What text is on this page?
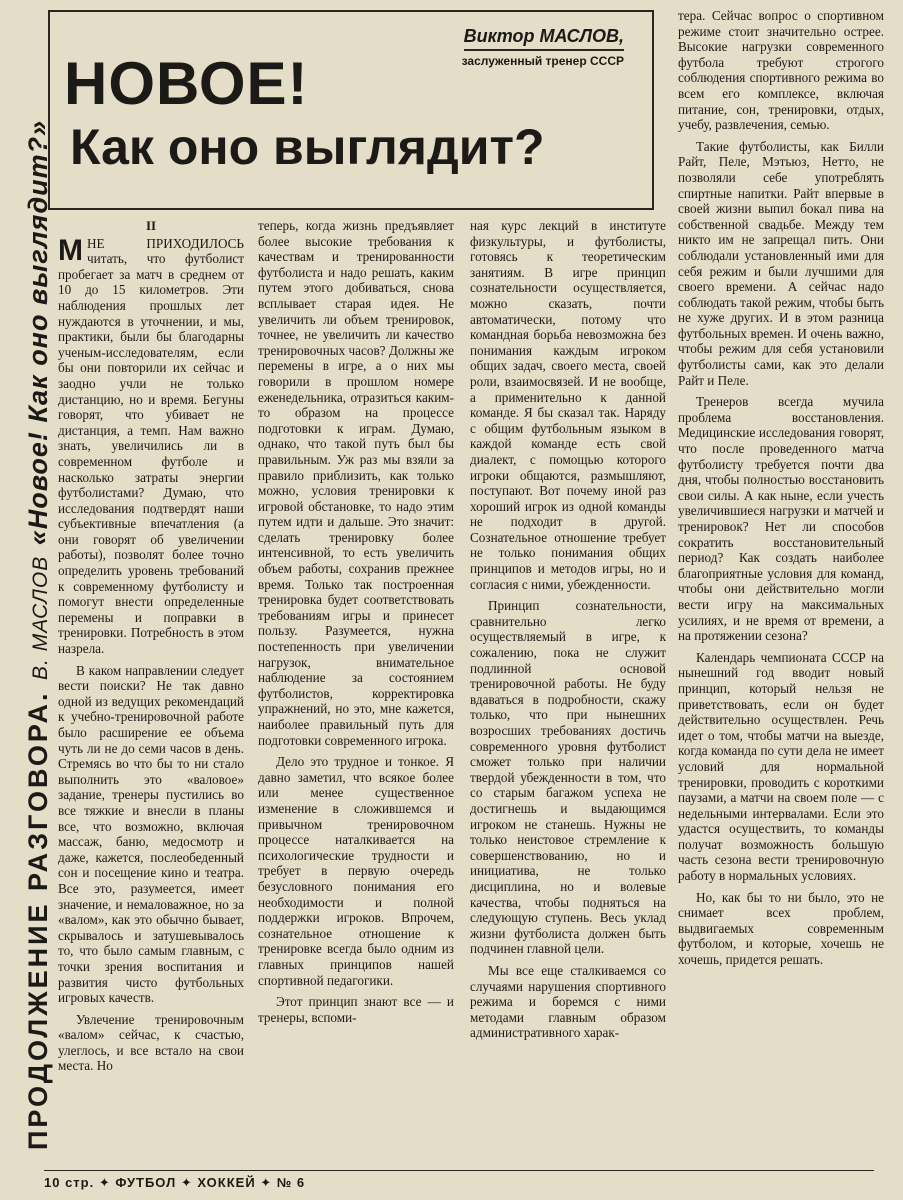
ПРОДОЛЖЕНИЕ РАЗГОВОРА. В. МАСЛОВ «Новое! Как оно выглядит?»
Виктор МАСЛОВ,
заслуженный тренер СССР
НОВОЕ!
Как оно выглядит?
II

МНЕ ПРИХОДИЛОСЬ читать, что футболист пробегает за матч в среднем от 10 до 15 километров. Эти наблюдения прошлых лет нуждаются в уточнении, и мы, практики, были бы благодарны ученым-исследователям, если бы они повторили их сейчас и заодно учли не только дистанцию, но и время. Бегуны говорят, что убивает не дистанция, а темп. Нам важно знать, увеличились ли в современном футболе и насколько затраты энергии футболистами? Думаю, что исследования подтвердят наши субъективные впечатления (а они говорят об увеличении работы), позволят более точно определить уровень требований к современному футболисту и помогут внести определенные перемены и поправки в тренировки. Потребность в этом назрела.

В каком направлении следует вести поиски? Не так давно одной из ведущих рекомендаций к учебно-тренировочной работе было расширение ее объема чуть ли не до семи часов в день. Стремясь во что бы то ни стало выполнить это «валовое» задание, тренеры пустились во все тяжкие и внесли в планы все, что возможно, включая массаж, баню, медосмотр и даже, кажется, послеобеденный сон и посещение кино и театра. Все это, разумеется, имеет значение, и немаловажное, но за «валом», как это обычно бывает, скрывалось и затушевывалось то, что было самым главным, с точки зрения воспитания и развития чисто футбольных игровых качеств.

Увлечение тренировочным «валом» сейчас, к счастью, улеглось, и все встало на свои места. Но

теперь, когда жизнь предъявляет более высокие требования к качествам и тренированности футболиста и надо решать, каким путем этого добиваться, снова всплывает старая идея. Не увеличить ли объем тренировок, точнее, не увеличить ли качество тренировочных часов? Должны же перемены в игре, а о них мы говорили в прошлом номере еженедельника, отразиться каким-то образом на процессе подготовки к играм. Думаю, однако, что такой путь был бы правильным. Уж раз мы взяли за правило приблизить, как только можно, условия тренировки к игровой обстановке, то надо этим путем идти и дальше. Это значит: сделать тренировку более интенсивной, то есть увеличить объем работы, сохранив прежнее время. Только так построенная тренировка будет соответствовать требованиям игры и принесет пользу. Разумеется, нужна постепенность при увеличении нагрузок, внимательное наблюдение за состоянием футболистов, корректировка упражнений, но это, мне кажется, наиболее правильный путь для подготовки современного игрока.

Дело это трудное и тонкое. Я давно заметил, что всякое более или менее существенное изменение в сложившемся и привычном тренировочном процессе наталкивается на психологические трудности и требует в первую очередь безусловного понимания его необходимости и полной поддержки игроков. Впрочем, сознательное отношение к тренировке всегда было одним из главных принципов нашей спортивной педагогики.

Этот принцип знают все — и тренеры, вспоми-

ная курс лекций в институте физкультуры, и футболисты, готовясь к теоретическим занятиям. В игре принцип сознательности осуществляется, можно сказать, почти автоматически, потому что командная борьба невозможна без понимания каждым игроком общих задач, своего места, своей роли, взаимосвязей. И не вообще, а применительно к данной команде. Я бы сказал так. Наряду с общим футбольным языком в каждой команде есть свой диалект, с помощью которого игроки общаются, размышляют, поступают. Вот почему иной раз хороший игрок из одной команды не подходит в другой. Сознательное отношение требует не только понимания общих принципов и методов игры, но и согласия с ними, убежденности.

Принцип сознательности, сравнительно легко осуществляемый в игре, к сожалению, пока не служит подлинной основой тренировочной работы. Не буду вдаваться в подробности, скажу только, что при нынешних возросших требованиях достичь современного уровня футболист сможет только при наличии твердой убежденности в том, что со старым багажом успеха не достигнешь и выдающимся игроком не станешь. Нужны не только неистовое стремление к совершенствованию, но и инициатива, не только дисциплина, но и волевые качества, чтобы подняться на следующую ступень. Весь уклад жизни футболиста должен быть подчинен главной цели.

Мы все еще сталкиваемся со случаями нарушения спортивного режима и боремся с ними методами главным образом административного харак-

тера. Сейчас вопрос о спортивном режиме стоит значительно острее. Высокие нагрузки современного футбола требуют строгого соблюдения спортивного режима во всем его комплексе, включая питание, сон, тренировки, отдых, учебу, развлечения, семью.

Такие футболисты, как Билли Райт, Пеле, Мэтьюз, Нетто, не позволяли себе употреблять спиртные напитки. Райт впервые в своей жизни выпил бокал пива на собственной свадьбе. Между тем никто им не запрещал пить. Они соблюдали установленный ими для себя режим и были лучшими для своего времени. А сейчас надо соблюдать такой режим, чтобы быть не хуже других. И в этом разница футбольных времен. И очень важно, чтобы режим для себя установили футболисты сами, как это делали Райт и Пеле.

Тренеров всегда мучила проблема восстановления. Медицинские исследования говорят, что после проведенного матча футболисту требуется почти два дня, чтобы полностью восстановить свои силы. А как ныне, если учесть увеличившиеся нагрузки и матчей и тренировок? Нет ли способов сократить восстановительный период? Как создать наиболее благоприятные условия для команд, чтобы они действительно могли вести игру на максимальных усилиях, и не время от времени, а на протяжении сезона?

Календарь чемпионата СССР на нынешний год вводит новый принцип, который нельзя не приветствовать, если он будет действительно осуществлен. Речь идет о том, чтобы матчи на выезде, когда команда по сути дела не имеет условий для нормальной тренировки, проводить с короткими паузами, а матчи на своем поле — с недельными интервалами. Если это удастся осуществить, то команды получат возможность большую часть сезона вести тренировочную работу в нормальных условиях.

Но, как бы то ни было, это не снимает всех проблем, выдвигаемых современным футболом, и которые, хочешь не хочешь, придется решать.

10 стр. ✦ ФУТБОЛ ✦ ХОККЕЙ ✦ № 6
